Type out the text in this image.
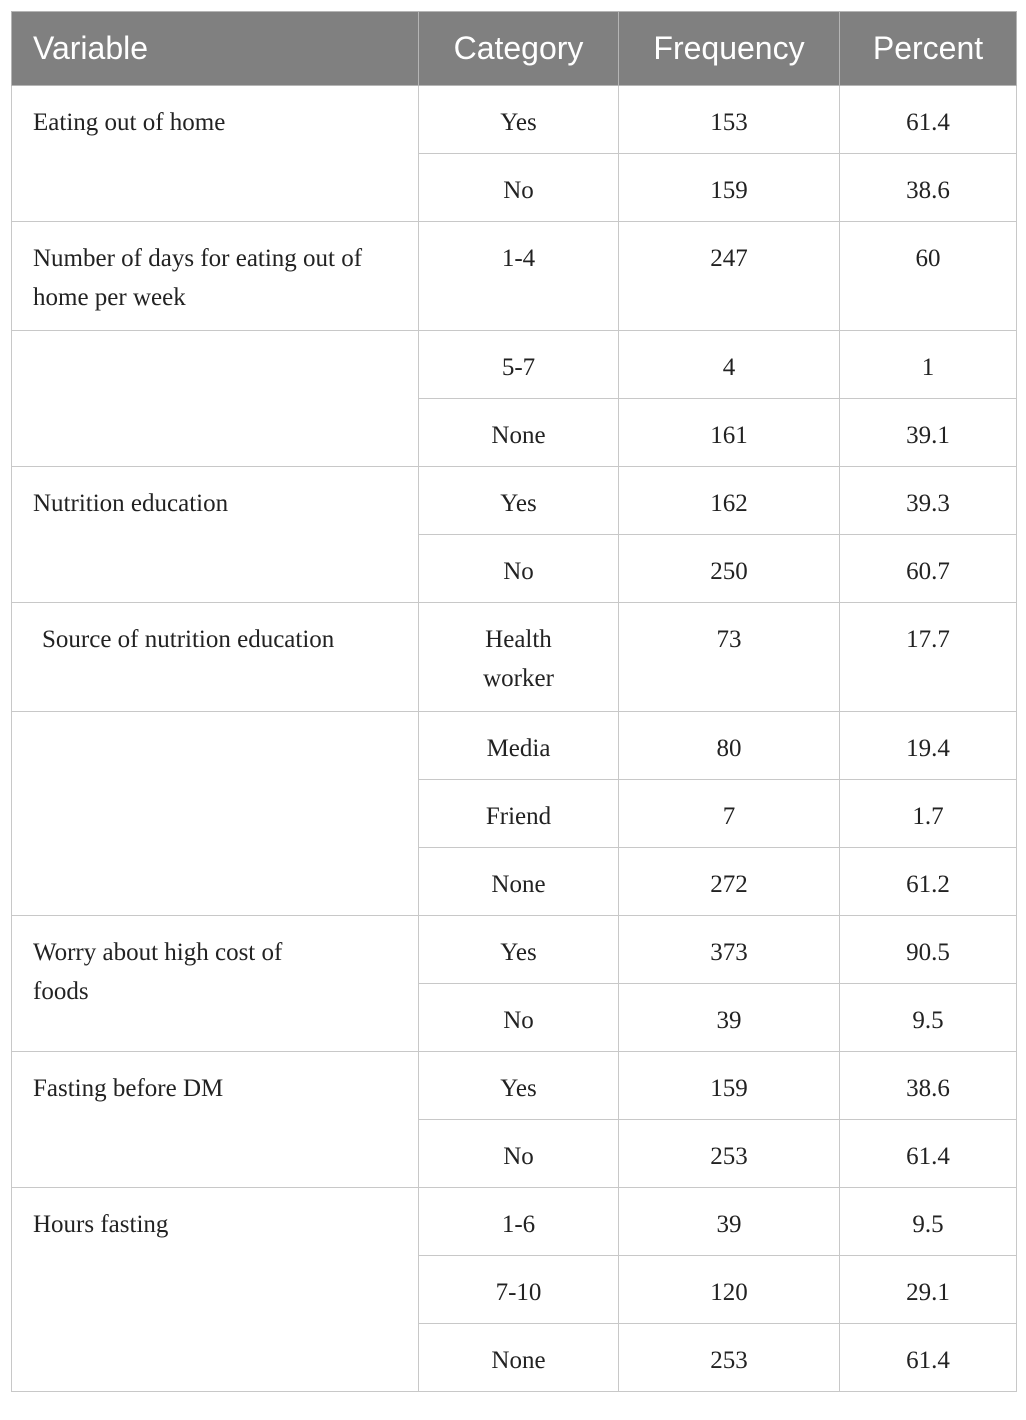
Variable	Category	Frequency	Percent
Eating out of home	Yes	153	61.4
	No	159	38.6
Number of days for eating out of home per week	1-4	247	60
	5-7	4	1
	None	161	39.1
Nutrition education	Yes	162	39.3
	No	250	60.7
Source of nutrition education	Health worker	73	17.7
	Media	80	19.4
	Friend	7	1.7
	None	272	61.2
Worry about high cost of foods	Yes	373	90.5
	No	39	9.5
Fasting before DM	Yes	159	38.6
	No	253	61.4
Hours fasting	1-6	39	9.5
	7-10	120	29.1
	None	253	61.4
